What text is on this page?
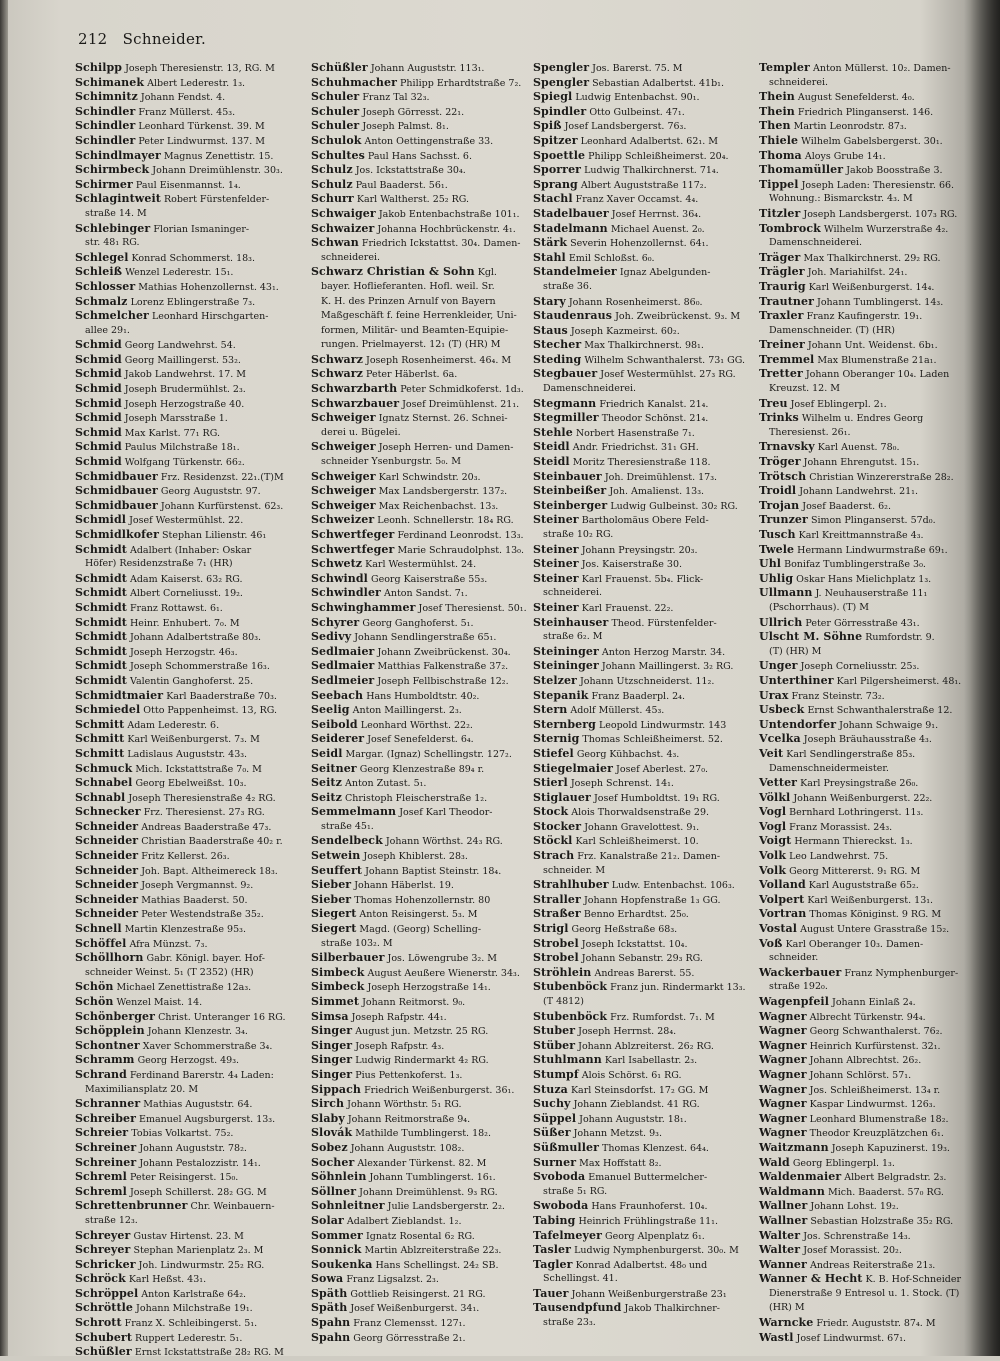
212 Schneider.
Schilpp Joseph Theresienstr. 13, RG. M
Schimanek Albert Lederestr. 1₃.
Schimnitz Johann Fendst. 4.
Schindler Franz Müllerst. 45₃.
Schindler Leonhard Türkenst. 39. M
Schindler Peter Lindwurmst. 137. M
Schindlmayer Magnus Zenettistr. 15.
Schirmbeck Johann Dreimühlenstr. 30₃.
Schirmer Paul Eisenmannst. 1₄.
Schlagintweit Robert Fürstenfelder-
straße 14. M
Schlebinger Florian Ismaninger-
str. 48₁ RG.
Schlegel Konrad Schommerst. 18₃.
Schleiß Wenzel Lederestr. 15₁.
Schlosser Mathias Hohenzollernst. 43₁.
Schmalz Lorenz Eblingerstraße 7₃.
Schmelcher Leonhard Hirschgarten-
allee 29₁.
Schmid Georg Landwehrst. 54.
Schmid Georg Maillingerst. 53₂.
Schmid Jakob Landwehrst. 17. M
Schmid Joseph Brudermühlst. 2₃.
Schmid Joseph Herzogstraße 40.
Schmid Joseph Marsstraße 1.
Schmid Max Karlst. 77₁ RG.
Schmid Paulus Milchstraße 18₁.
Schmid Wolfgang Türkenstr. 66₂.
Schmidbauer Frz. Residenzst. 22₁.(T)M
Schmidbauer Georg Auguststr. 97.
Schmidbauer Johann Kurfürstenst. 62₃.
Schmidl Josef Westermühlst. 22.
Schmidlkofer Stephan Lilienstr. 46₁
Schmidt Adalbert (Inhaber: Oskar
Höfer) Residenzstraße 7₁ (HR)
Schmidt Adam Kaiserst. 63₂ RG.
Schmidt Albert Corneliusst. 19₂.
Schmidt Franz Rottawst. 6₁.
Schmidt Heinr. Enhubert. 7₀. M
Schmidt Johann Adalbertstraße 80₃.
Schmidt Joseph Herzogstr. 46₃.
Schmidt Joseph Schommerstraße 16₃.
Schmidt Valentin Ganghoferst. 25.
Schmidtmaier Karl Baaderstraße 70₃.
Schmiedel Otto Pappenheimst. 13, RG.
Schmitt Adam Lederestr. 6.
Schmitt Karl Weißenburgerst. 7₃. M
Schmitt Ladislaus Auguststr. 43₃.
Schmuck Mich. Ickstattstraße 7₀. M
Schnabel Georg Ebelweißst. 10₃.
Schnabl Joseph Theresienstraße 4₂ RG.
Schnecker Frz. Theresienst. 27₃ RG.
Schneider Andreas Baaderstraße 47₃.
Schneider Christian Baaderstraße 40₂ r.
Schneider Fritz Kellerst. 26₃.
Schneider Joh. Bapt. Altheimereck 18₃.
Schneider Joseph Vergmannst. 9₂.
Schneider Mathias Baaderst. 50.
Schneider Peter Westendstraße 35₂.
Schnell Martin Klenzestraße 95₃.
Schöffel Afra Münzst. 7₃.
Schöllhorn Gabr. Königl. bayer. Hof-
schneider Weinst. 5₁ (T 2352) (HR)
Schön Michael Zenettistraße 12a₃.
Schön Wenzel Maist. 14.
Schönberger Christ. Unteranger 16 RG.
Schöpplein Johann Klenzestr. 3₄.
Schontner Xaver Schommerstraße 3₄.
Schramm Georg Herzogst. 49₃.
Schrand Ferdinand Barerstr. 4₄ Laden:
Maximiliansplatz 20. M
Schranner Mathias Auguststr. 64.
Schreiber Emanuel Augsburgerst. 13₃.
Schreier Tobias Volkartst. 75₂.
Schreiner Johann Auguststr. 78₂.
Schreiner Johann Pestalozzistr. 14₁.
Schreml Peter Reisingerst. 15₀.
Schreml Joseph Schillerst. 28₂ GG. M
Schrettenbrunner Chr. Weinbauern-
straße 12₃.
Schreyer Gustav Hirtenst. 23. M
Schreyer Stephan Marienplatz 2₃. M
Schricker Joh. Lindwurmstr. 25₂ RG.
Schröck Karl Heßst. 43₁.
Schröppel Anton Karlstraße 64₂.
Schröttle Johann Milchstraße 19₁.
Schrott Franz X. Schleibingerst. 5₁.
Schubert Ruppert Lederestr. 5₁.
Schüßler Ernst Ickstattstraße 28₂ RG. M
Schüßler Johann Auguststr. 113₁.
Schuhmacher Philipp Erhardtstraße 7₂.
Schuler Franz Tal 32₃.
Schuler Joseph Görresst. 22₁.
Schuler Joseph Palmst. 8₁.
Schulok Anton Oettingenstraße 33.
Schultes Paul Hans Sachsst. 6.
Schulz Jos. Ickstattstraße 30₄.
Schulz Paul Baaderst. 56₁.
Schurr Karl Waltherst. 25₂ RG.
Schwaiger Jakob Entenbachstraße 101₁.
Schwaizer Johanna Hochbrückenstr. 4₁.
Schwan Friedrich Ickstattst. 30₄. Damen-
schneiderei.
Schwarz Christian & Sohn Kgl.
bayer. Hoflieferanten. Hofl. weil. Sr.
K. H. des Prinzen Arnulf von Bayern
Maßgeschäft f. feine Herrenkleider, Uni-
formen, Militär- und Beamten-Equipie-
rungen. Prielmayerst. 12₁ (T) (HR) M
Schwarz Joseph Rosenheimerst. 46₄. M
Schwarz Peter Häberlst. 6a.
Schwarzbarth Peter Schmidkoferst. 1d₃.
Schwarzbauer Josef Dreimühlenst. 21₁.
Schweiger Ignatz Sternst. 26. Schnei-
derei u. Bügelei.
Schweiger Joseph Herren- und Damen-
schneider Ysenburgstr. 5₀. M
Schweiger Karl Schwindstr. 20₃.
Schweiger Max Landsbergerstr. 137₂.
Schweiger Max Reichenbachst. 13₃.
Schweizer Leonh. Schnellerstr. 18₄ RG.
Schwertfeger Ferdinand Leonrodst. 13₃.
Schwertfeger Marie Schraudolphst. 13₀.
Schwetz Karl Westermühlst. 24.
Schwindl Georg Kaiserstraße 55₃.
Schwindler Anton Sandst. 7₁.
Schwinghammer Josef Theresienst. 50₁.
Schyrer Georg Ganghoferst. 5₁.
Sedivy Johann Sendlingerstraße 65₁.
Sedlmaier Johann Zweibrückenst. 30₄.
Sedlmaier Matthias Falkenstraße 37₂.
Sedlmeier Joseph Fellbischstraße 12₂.
Seebach Hans Humboldtstr. 40₂.
Seelig Anton Maillingerst. 2₃.
Seibold Leonhard Wörthst. 22₂.
Seiderer Josef Senefelderst. 6₄.
Seidl Margar. (Ignaz) Schellingstr. 127₂.
Seitner Georg Klenzestraße 89₄ r.
Seitz Anton Zutast. 5₁.
Seitz Christoph Fleischerstraße 1₂.
Semmelmann Josef Karl Theodor-
straße 45₁.
Sendelbeck Johann Wörthst. 24₃ RG.
Setwein Joseph Khiblerst. 28₃.
Seuffert Johann Baptist Steinstr. 18₄.
Sieber Johann Häberlst. 19.
Sieber Thomas Hohenzollernstr. 80
Siegert Anton Reisingerst. 5₃. M
Siegert Magd. (Georg) Schelling-
straße 103₂. M
Silberbauer Jos. Löwengrube 3₂. M
Simbeck August Aeußere Wienerstr. 34₃.
Simbeck Joseph Herzogstraße 14₁.
Simmet Johann Reitmorst. 9₀.
Simsa Joseph Rafpstr. 44₁.
Singer August jun. Metzstr. 25 RG.
Singer Joseph Rafpstr. 4₃.
Singer Ludwig Rindermarkt 4₂ RG.
Singer Pius Pettenkoferst. 1₃.
Sippach Friedrich Weißenburgerst. 36₁.
Sirch Johann Wörthstr. 5₁ RG.
Slaby Johann Reitmorstraße 9₄.
Slovák Mathilde Tumblingerst. 18₂.
Sobez Johann Auguststr. 108₂.
Socher Alexander Türkenst. 82. M
Söhnlein Johann Tumblingerst. 16₁.
Söllner Johann Dreimühlenst. 9₃ RG.
Sohnleitner Julie Landsbergerstr. 2₂.
Solar Adalbert Zieblandst. 1₂.
Sommer Ignatz Rosental 6₂ RG.
Sonnick Martin Ablzreiterstraße 22₃.
Soukenka Hans Schellingst. 24₂ SB.
Sowa Franz Ligsalzst. 2₃.
Späth Gottlieb Reisingerst. 21 RG.
Späth Josef Weißenburgerst. 34₁.
Spahn Franz Clemensst. 127₁.
Spahn Georg Görresstraße 2₁.
Spengler Jos. Barerst. 75. M
Spengler Sebastian Adalbertst. 41b₁.
Spiegl Ludwig Entenbachst. 90₁.
Spindler Otto Gulbeinst. 47₁.
Spiß Josef Landsbergerst. 76₃.
Spitzer Leonhard Adalbertst. 62₁. M
Spoettle Philipp Schleißheimerst. 20₄.
Sporrer Ludwig Thalkirchnerst. 71₄.
Sprang Albert Auguststraße 117₂.
Stachl Franz Xaver Occamst. 4₄.
Stadelbauer Josef Herrnst. 36₄.
Stadelmann Michael Auenst. 2₀.
Stärk Severin Hohenzollernst. 64₁.
Stahl Emil Schloßst. 6₀.
Standelmeier Ignaz Abelgunden-
straße 36.
Stary Johann Rosenheimerst. 86₀.
Staudenraus Joh. Zweibrückenst. 9₃. M
Staus Joseph Kazmeirst. 60₂.
Stecher Max Thalkirchnerst. 98₁.
Steding Wilhelm Schwanthalerst. 73₁ GG.
Stegbauer Josef Westermühlst. 27₃ RG.
Damenschneiderei.
Stegmann Friedrich Kanalst. 21₄.
Stegmiller Theodor Schönst. 21₄.
Stehle Norbert Hasenstraße 7₁.
Steidl Andr. Friedrichst. 31₁ GH.
Steidl Moritz Theresienstraße 118.
Steinbauer Joh. Dreimühlenst. 17₃.
Steinbeißer Joh. Amalienst. 13₃.
Steinberger Ludwig Gulbeinst. 30₂ RG.
Steiner Bartholomäus Obere Feld-
straße 10₂ RG.
Steiner Johann Preysingstr. 20₃.
Steiner Jos. Kaiserstraße 30.
Steiner Karl Frauenst. 5b₄. Flick-
schneiderei.
Steiner Karl Frauenst. 22₂.
Steinhauser Theod. Fürstenfelder-
straße 6₂. M
Steininger Anton Herzog Marstr. 34.
Steininger Johann Maillingerst. 3₂ RG.
Stelzer Johann Utzschneiderst. 11₂.
Stepanik Franz Baaderpl. 2₄.
Stern Adolf Müllerst. 45₃.
Sternberg Leopold Lindwurmstr. 143
Sternig Thomas Schleißheimerst. 52.
Stiefel Georg Kühbachst. 4₃.
Stiegelmaier Josef Aberlest. 27₀.
Stierl Joseph Schrenst. 14₁.
Stiglauer Josef Humboldtst. 19₁ RG.
Stock Alois Thorwaldsenstraße 29.
Stocker Johann Gravelottest. 9₁.
Stöckl Karl Schleißheimerst. 10.
Strach Frz. Kanalstraße 21₂. Damen-
schneider. M
Strahlhuber Ludw. Entenbachst. 106₃.
Straller Johann Hopfenstraße 1₃ GG.
Straßer Benno Erhardtst. 25₀.
Strigl Georg Heßstraße 68₃.
Strobel Joseph Ickstattst. 10₄.
Strobel Johann Sebanstr. 29₃ RG.
Ströhlein Andreas Barerst. 55.
Stubenböck Franz jun. Rindermarkt 13₃.
(T 4812)
Stubenböck Frz. Rumfordst. 7₁. M
Stuber Joseph Herrnst. 28₄.
Stüber Johann Ablzreiterst. 26₂ RG.
Stuhlmann Karl Isabellastr. 2₃.
Stumpf Alois Schörst. 6₁ RG.
Stuza Karl Steinsdorfst. 17₂ GG. M
Suchy Johann Zieblandst. 41 RG.
Süppel Johann Auguststr. 18₁.
Süßer Johann Metzst. 9₃.
Süßmuller Thomas Klenzest. 64₄.
Surner Max Hoffstatt 8₂.
Svoboda Emanuel Buttermelcher-
straße 5₁ RG.
Swoboda Hans Fraunhoferst. 10₄.
Tabing Heinrich Frühlingstraße 11₁.
Tafelmeyer Georg Alpenplatz 6₁.
Tasler Ludwig Nymphenburgerst. 30₀. M
Tagler Konrad Adalbertst. 48₀ und
Schellingst. 41.
Tauer Johann Weißenburgerstraße 23₁
Tausendpfund Jakob Thalkirchner-
straße 23₃.
Templer Anton Müllerst. 10₂. Damen-
schneiderei.
Thein August Senefelderst. 4₀.
Thein Friedrich Plinganserst. 146.
Then Martin Leonrodstr. 87₃.
Thiele Wilhelm Gabelsbergerst. 30₁.
Thoma Aloys Grube 14₁.
Thomamüller Jakob Boosstraße 3.
Tippel Joseph Laden: Theresienstr. 66.
Wohnung.: Bismarckstr. 4₃. M
Titzler Joseph Landsbergerst. 107₃ RG.
Tombrock Wilhelm Wurzerstraße 4₂.
Damenschneiderei.
Träger Max Thalkirchnerst. 29₂ RG.
Trägler Joh. Mariahilfst. 24₁.
Traurig Karl Weißenburgerst. 14₄.
Trautner Johann Tumblingerst. 14₃.
Traxler Franz Kaufingerstr. 19₁.
Damenschneider. (T) (HR)
Treiner Johann Unt. Weidenst. 6b₁.
Tremmel Max Blumenstraße 21a₁.
Tretter Johann Oberanger 10₄. Laden
Kreuzst. 12. M
Treu Josef Eblingerpl. 2₁.
Trinks Wilhelm u. Endres Georg
Theresienst. 26₁.
Trnavsky Karl Auenst. 78₀.
Tröger Johann Ehrengutst. 15₁.
Trötsch Christian Winzererstraße 28₂.
Troidl Johann Landwehrst. 21₁.
Trojan Josef Baaderst. 6₂.
Trunzer Simon Plinganserst. 57d₀.
Tusch Karl Kreittmannstraße 4₃.
Twele Hermann Lindwurmstraße 69₁.
Uhl Bonifaz Tumblingerstraße 3₀.
Uhlig Oskar Hans Mielichplatz 1₃.
Ullmann J. Neuhauserstraße 11₁
(Pschorrhaus). (T) M
Ullrich Peter Görresstraße 43₁.
Ulscht M. Söhne Rumfordstr. 9.
(T) (HR) M
Unger Joseph Corneliusstr. 25₃.
Unterthiner Karl Pilgersheimerst. 48₁.
Urax Franz Steinstr. 73₂.
Usbeck Ernst Schwanthalerstraße 12.
Untendorfer Johann Schwaige 9₁.
Vcelka Joseph Bräuhausstraße 4₃.
Veit Karl Sendlingerstraße 85₃.
Damenschneidermeister.
Vetter Karl Preysingstraße 26₀.
Völkl Johann Weißenburgerst. 22₂.
Vogl Bernhard Lothringerst. 11₃.
Vogl Franz Morassist. 24₃.
Voigt Hermann Thiereckst. 1₃.
Volk Leo Landwehrst. 75.
Volk Georg Mittererst. 9₁ RG. M
Volland Karl Auguststraße 65₂.
Volpert Karl Weißenburgerst. 13₁.
Vortran Thomas Königinst. 9 RG. M
Vostal August Untere Grasstraße 15₂.
Voß Karl Oberanger 10₃. Damen-
schneider.
Wackerbauer Franz Nymphenburger-
straße 192₀.
Wagenpfeil Johann Einlaß 2₄.
Wagner Albrecht Türkenstr. 94₄.
Wagner Georg Schwanthalerst. 76₂.
Wagner Heinrich Kurfürstenst. 32₁.
Wagner Johann Albrechtst. 26₂.
Wagner Johann Schlörst. 57₁.
Wagner Jos. Schleißheimerst. 13₄ r.
Wagner Kaspar Lindwurmst. 126₃.
Wagner Leonhard Blumenstraße 18₂.
Wagner Theodor Kreuzplätzchen 6₁.
Waitzmann Joseph Kapuzinerst. 19₃.
Wald Georg Eblingerpl. 1₃.
Waldenmaier Albert Belgradstr. 2₃.
Waldmann Mich. Baaderst. 57₀ RG.
Wallner Johann Lohst. 19₂.
Wallner Sebastian Holzstraße 35₂ RG.
Walter Jos. Schrenstraße 14₃.
Walter Josef Morassist. 20₂.
Wanner Andreas Reiterstraße 21₃.
Wanner & Hecht K. B. Hof-Schneider
Dienerstraße 9 Entresol u. 1. Stock. (T)
(HR) M
Warncke Friedr. Auguststr. 87₄. M
Wastl Josef Lindwurmst. 67₁.
